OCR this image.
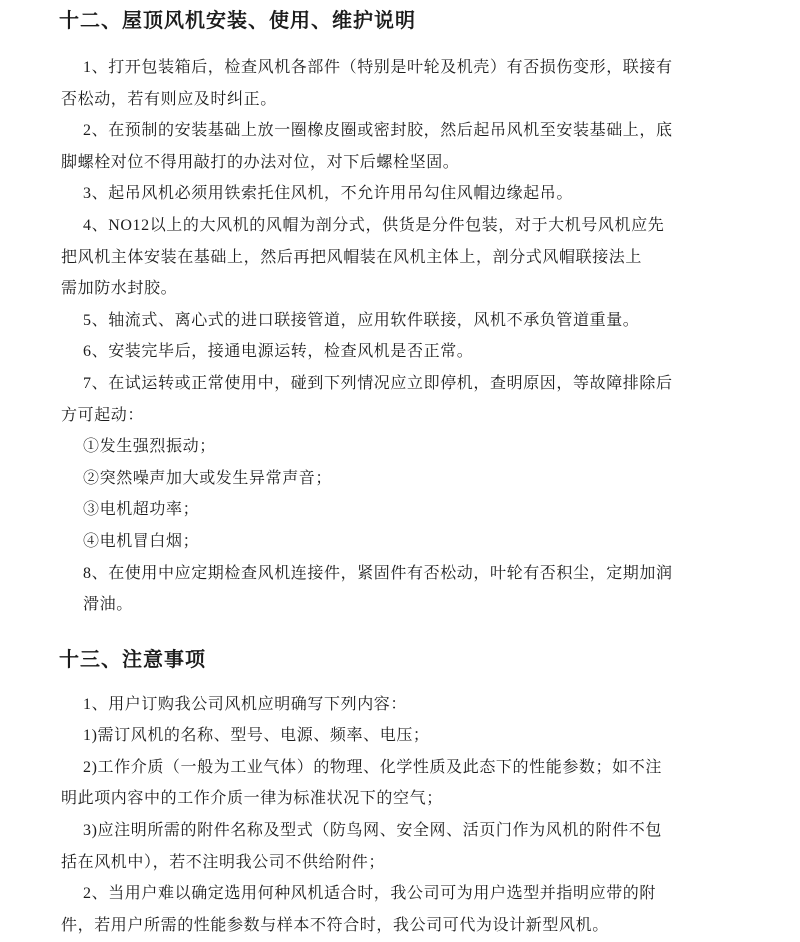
十二、屋顶风机安装、使用、维护说明
1、打开包装箱后，检查风机各部件（特别是叶轮及机壳）有否损伤变形，联接有
否松动，若有则应及时纠正。
2、在预制的安装基础上放一圈橡皮圈或密封胶，然后起吊风机至安装基础上，底
脚螺栓对位不得用敲打的办法对位，对下后螺栓坚固。
3、起吊风机必须用铁索托住风机，不允许用吊勾住风帽边缘起吊。
4、NO12以上的大风机的风帽为剖分式，供货是分件包装，对于大机号风机应先
把风机主体安装在基础上，然后再把风帽装在风机主体上，剖分式风帽联接法上
需加防水封胶。
5、轴流式、离心式的进口联接管道，应用软件联接，风机不承负管道重量。
6、安装完毕后，接通电源运转，检查风机是否正常。
7、在试运转或正常使用中，碰到下列情况应立即停机，查明原因，等故障排除后
方可起动：
①发生强烈振动；
②突然噪声加大或发生异常声音；
③电机超功率；
④电机冒白烟；
8、在使用中应定期检查风机连接件，紧固件有否松动，叶轮有否积尘，定期加润
滑油。
十三、注意事项
1、用户订购我公司风机应明确写下列内容：
1)需订风机的名称、型号、电源、频率、电压；
2)工作介质（一般为工业气体）的物理、化学性质及此态下的性能参数；如不注
明此项内容中的工作介质一律为标准状况下的空气；
3)应注明所需的附件名称及型式（防鸟网、安全网、活页门作为风机的附件不包
括在风机中），若不注明我公司不供给附件；
2、当用户难以确定选用何种风机适合时，我公司可为用户选型并指明应带的附
件，若用户所需的性能参数与样本不符合时，我公司可代为设计新型风机。
